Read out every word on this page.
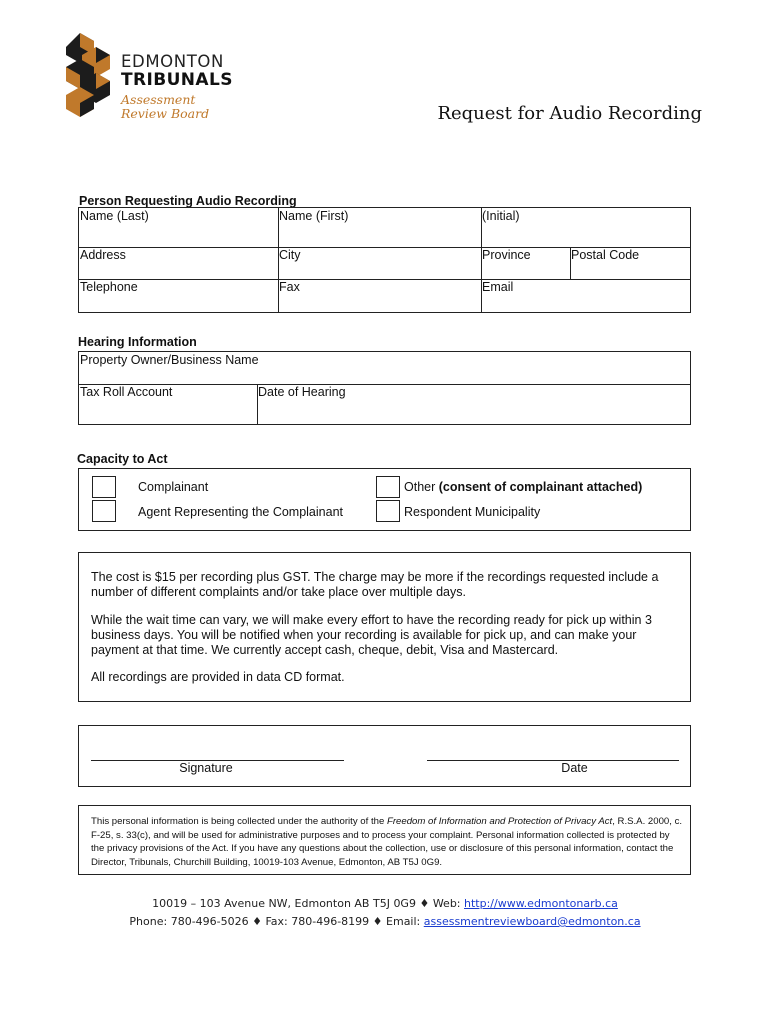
EDMONTON
TRIBUNALS
Assessment
Review Board	Request for Audio Recording
Person Requesting Audio Recording
Name (Last)	Name (First)	(Initial)
Address	City	Province	Postal Code
Telephone	Fax	Email
Hearing Information
Property Owner/Business Name
Tax Roll Account	Date of Hearing
Capacity to Act
Complainant
Agent Representing the Complainant
Other (consent of complainant attached)
Respondent Municipality
The cost is $15 per recording plus GST. The charge may be more if the recordings requested include a
number of different complaints and/or take place over multiple days.
While the wait time can vary, we will make every effort to have the recording ready for pick up within 3
business days. You will be notified when your recording is available for pick up, and can make your
payment at that time. We currently accept cash, cheque, debit, Visa and Mastercard.
All recordings are provided in data CD format.
Signature	Date
This personal information is being collected under the authority of the Freedom of Information and Protection of Privacy Act, R.S.A. 2000, c. F-25, s. 33(c), and will be used for administrative purposes and to process your complaint. Personal information collected is protected by the privacy provisions of the Act. If you have any questions about the collection, use or disclosure of this personal information, contact the Director, Tribunals, Churchill Building, 10019-103 Avenue, Edmonton, AB T5J 0G9.
10019 – 103 Avenue NW, Edmonton AB T5J 0G9 ♦ Web: http://www.edmontonarb.ca
Phone: 780-496-5026 ♦ Fax: 780-496-8199 ♦ Email: assessmentreviewboard@edmonton.ca
